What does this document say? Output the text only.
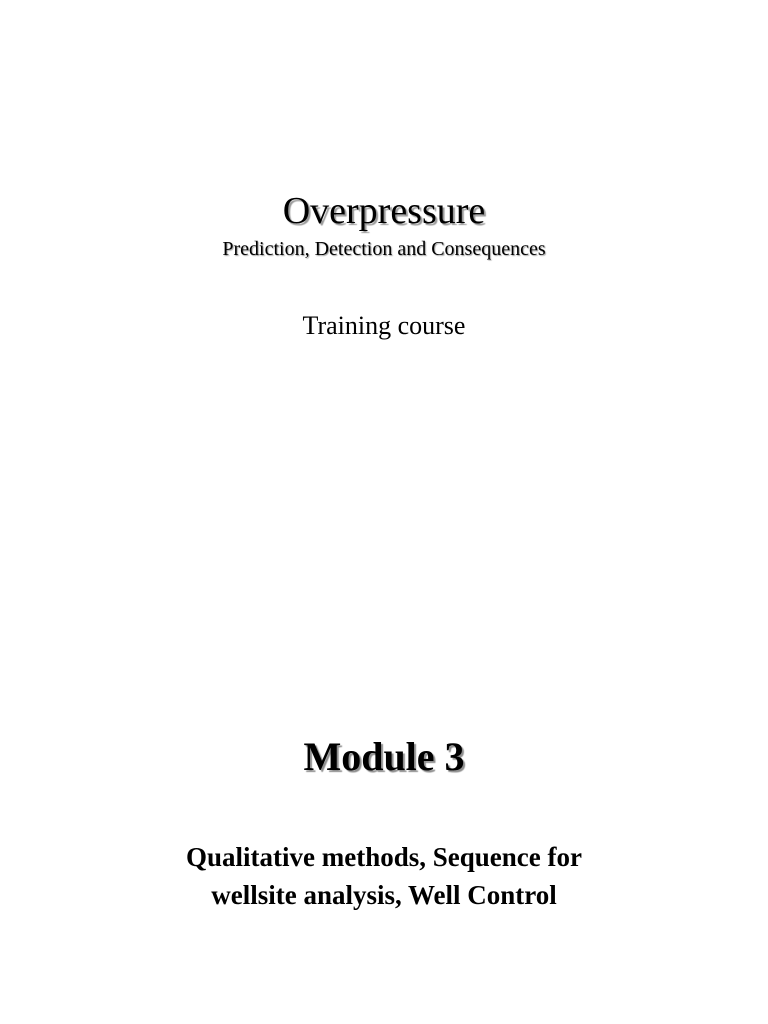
Overpressure
Prediction, Detection and Consequences
Training course
Module 3
Qualitative methods, Sequence for
wellsite analysis, Well Control
